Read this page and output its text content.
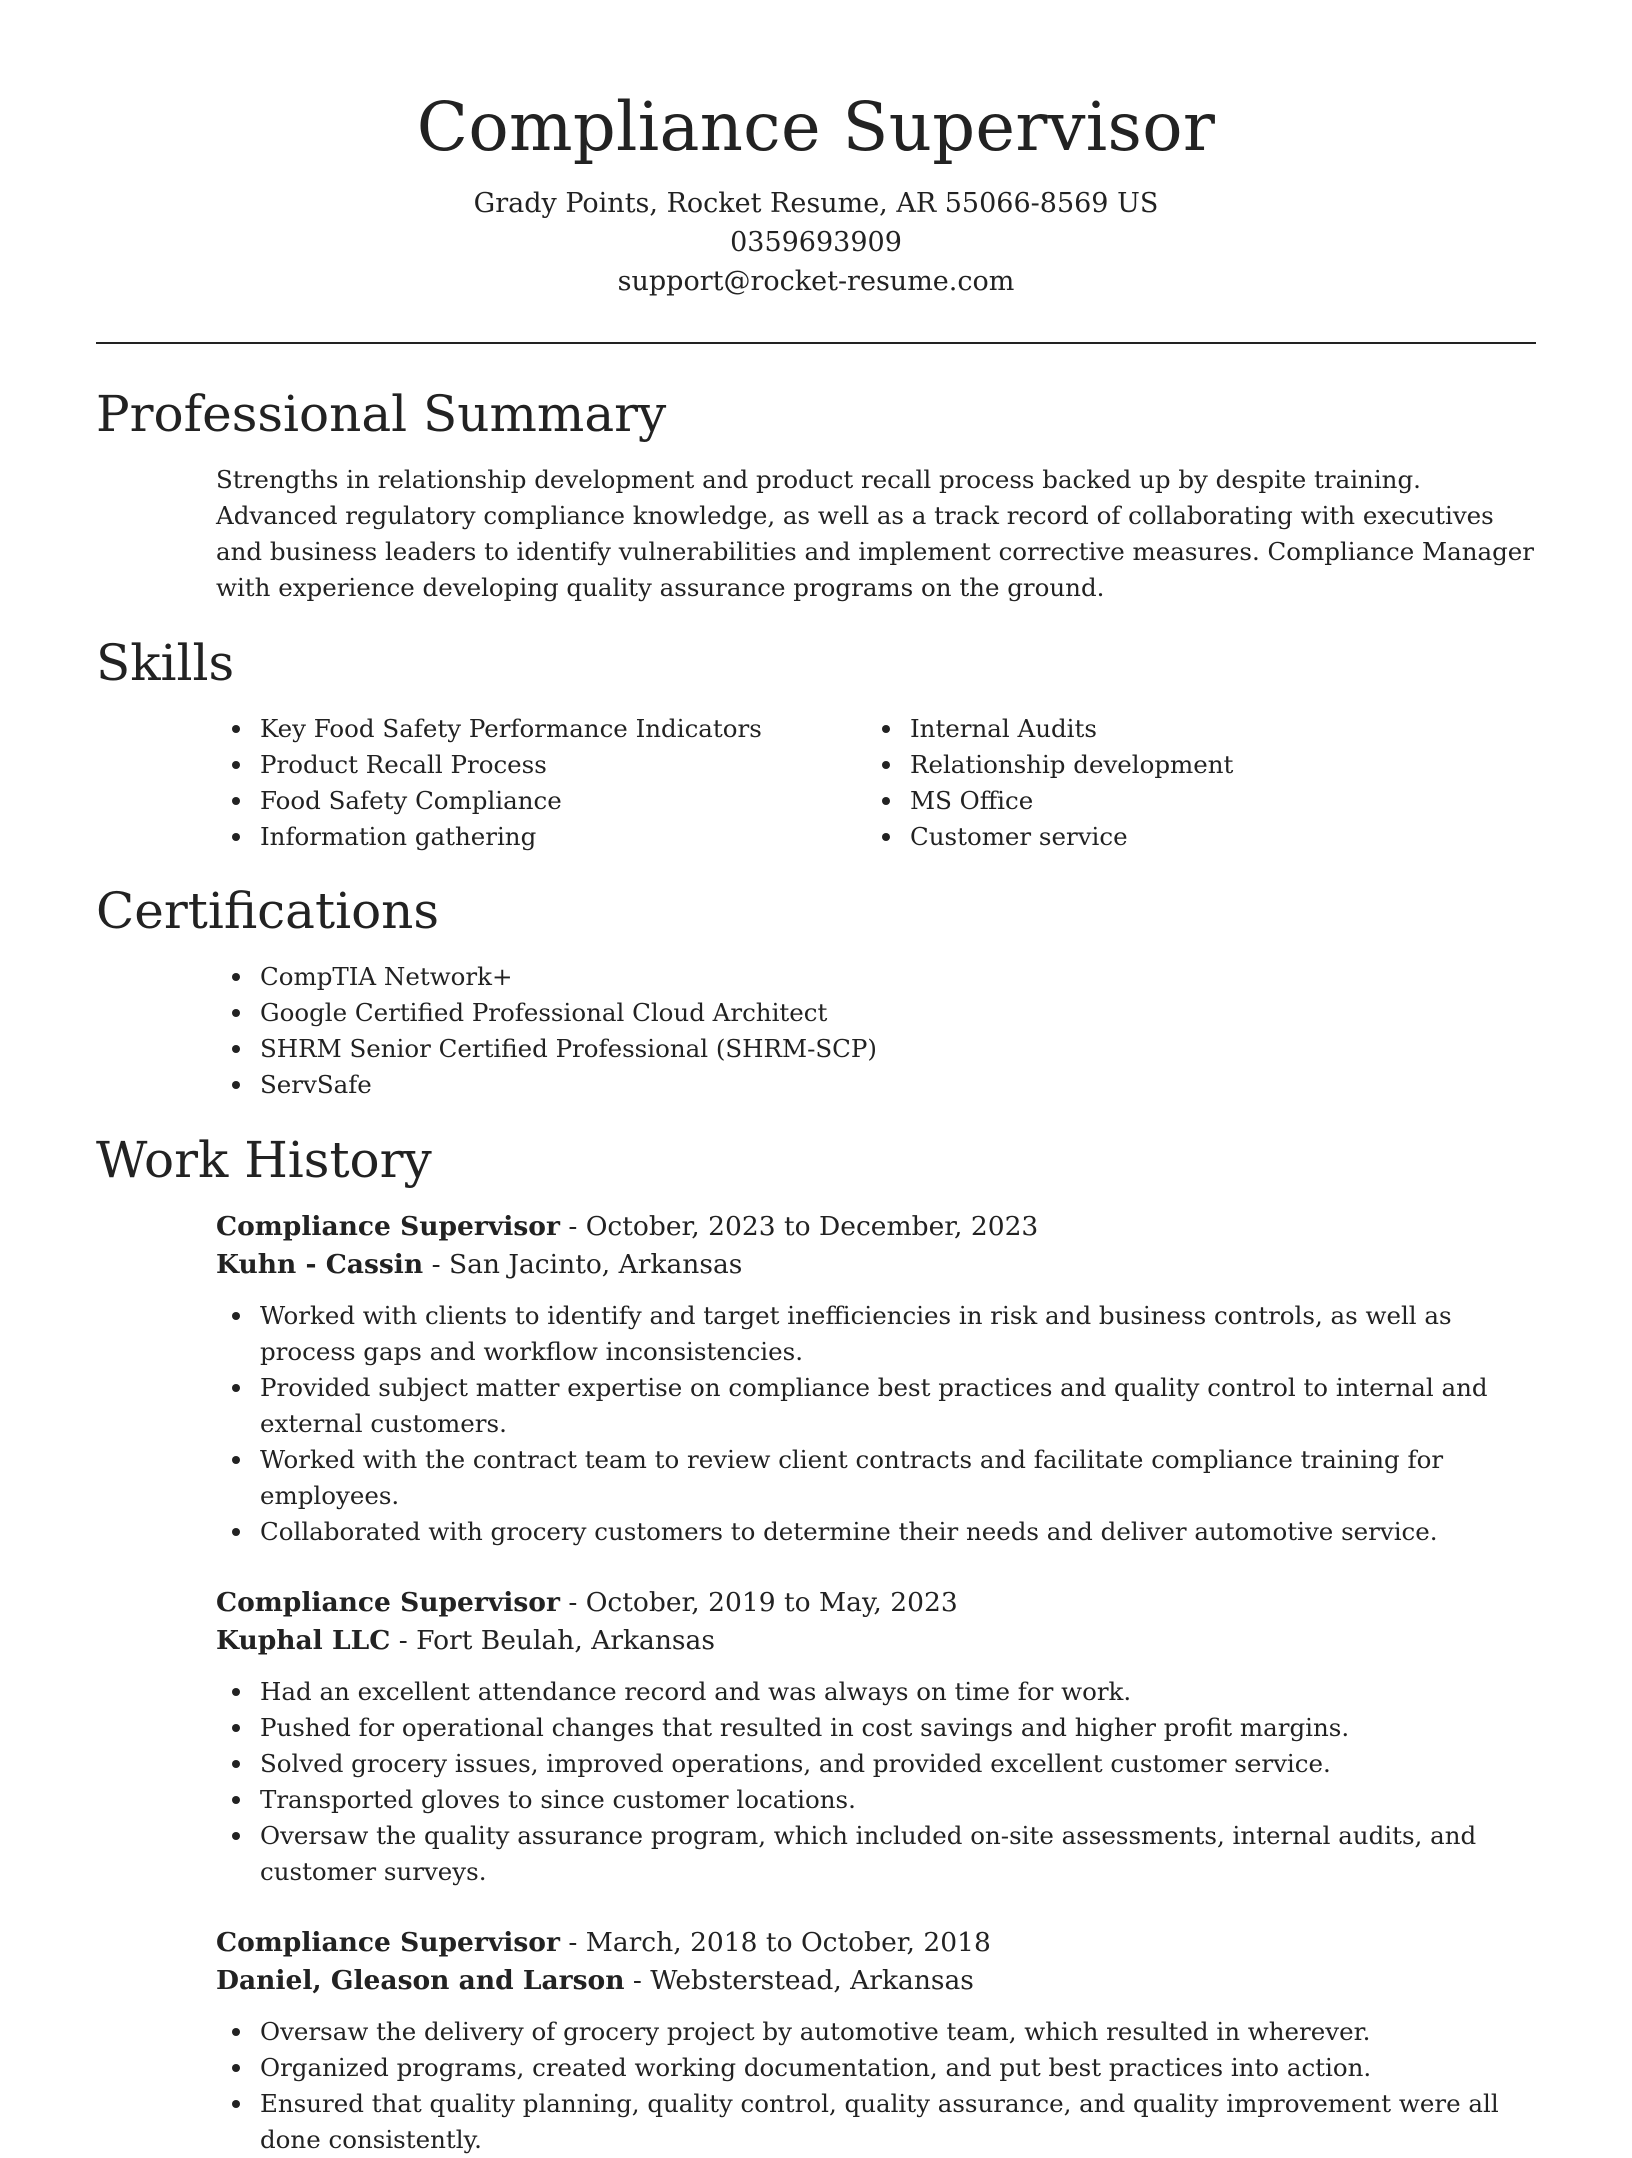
Compliance Supervisor
Grady Points, Rocket Resume, AR 55066-8569 US
0359693909
support@rocket-resume.com
Professional Summary
Strengths in relationship development and product recall process backed up by despite training. Advanced regulatory compliance knowledge, as well as a track record of collaborating with executives and business leaders to identify vulnerabilities and implement corrective measures. Compliance Manager with experience developing quality assurance programs on the ground.
Skills
Key Food Safety Performance Indicators
Product Recall Process
Food Safety Compliance
Information gathering
Internal Audits
Relationship development
MS Office
Customer service
Certifications
CompTIA Network+
Google Certified Professional Cloud Architect
SHRM Senior Certified Professional (SHRM-SCP)
ServSafe
Work History
Compliance Supervisor - October, 2023 to December, 2023
Kuhn - Cassin - San Jacinto, Arkansas
Worked with clients to identify and target inefficiencies in risk and business controls, as well as process gaps and workflow inconsistencies.
Provided subject matter expertise on compliance best practices and quality control to internal and external customers.
Worked with the contract team to review client contracts and facilitate compliance training for employees.
Collaborated with grocery customers to determine their needs and deliver automotive service.
Compliance Supervisor - October, 2019 to May, 2023
Kuphal LLC - Fort Beulah, Arkansas
Had an excellent attendance record and was always on time for work.
Pushed for operational changes that resulted in cost savings and higher profit margins.
Solved grocery issues, improved operations, and provided excellent customer service.
Transported gloves to since customer locations.
Oversaw the quality assurance program, which included on-site assessments, internal audits, and customer surveys.
Compliance Supervisor - March, 2018 to October, 2018
Daniel, Gleason and Larson - Websterstead, Arkansas
Oversaw the delivery of grocery project by automotive team, which resulted in wherever.
Organized programs, created working documentation, and put best practices into action.
Ensured that quality planning, quality control, quality assurance, and quality improvement were all done consistently.
